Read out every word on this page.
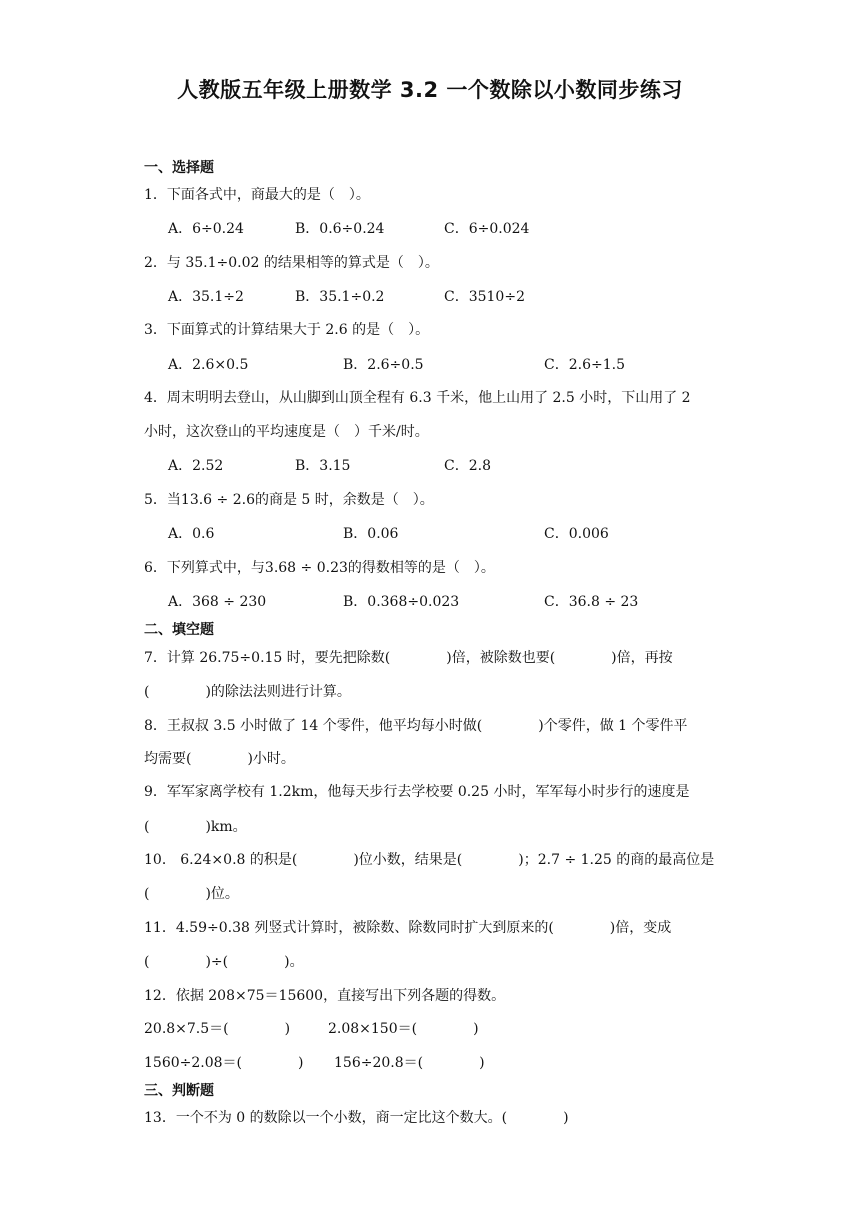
人教版五年级上册数学 3.2 一个数除以小数同步练习
一、选择题
1．下面各式中，商最大的是（　）。
A．6÷0.24	B．0.6÷0.24	C．6÷0.024
2．与 35.1÷0.02 的结果相等的算式是（　）。
A．35.1÷2	B．35.1÷0.2	C．3510÷2
3．下面算式的计算结果大于 2.6 的是（　）。
A．2.6×0.5	B．2.6÷0.5	C．2.6÷1.5
4．周末明明去登山，从山脚到山顶全程有 6.3 千米，他上山用了 2.5 小时，下山用了 2
小时，这次登山的平均速度是（　）千米/时。
A．2.52	B．3.15	C．2.8
5．当13.6 ÷ 2.6的商是 5 时，余数是（　）。
A．0.6	B．0.06	C．0.006
6．下列算式中，与3.68 ÷ 0.23的得数相等的是（　）。
A．368 ÷ 230	B．0.368÷0.023	C．36.8 ÷ 23
二、填空题
7．计算 26.75÷0.15 时，要先把除数(　　　　)倍，被除数也要(　　　　)倍，再按
(　　　　)的除法法则进行计算。
8．王叔叔 3.5 小时做了 14 个零件，他平均每小时做(　　　　)个零件，做 1 个零件平
均需要(　　　　)小时。
9．军军家离学校有 1.2km，他每天步行去学校要 0.25 小时，军军每小时步行的速度是
(　　　　)km。
10． 6.24×0.8 的积是(　　　　)位小数，结果是(　　　　)；2.7 ÷ 1.25 的商的最高位是
(　　　　)位。
11．4.59÷0.38 列竖式计算时，被除数、除数同时扩大到原来的(　　　　)倍，变成
(　　　　)÷(　　　　)。
12．依据 208×75＝15600，直接写出下列各题的得数。
20.8×7.5＝(　　　　)	2.08×150＝(　　　　)
1560÷2.08＝(　　　　) 156÷20.8＝(　　　　)
三、判断题
13．一个不为 0 的数除以一个小数，商一定比这个数大。(　　　　)
